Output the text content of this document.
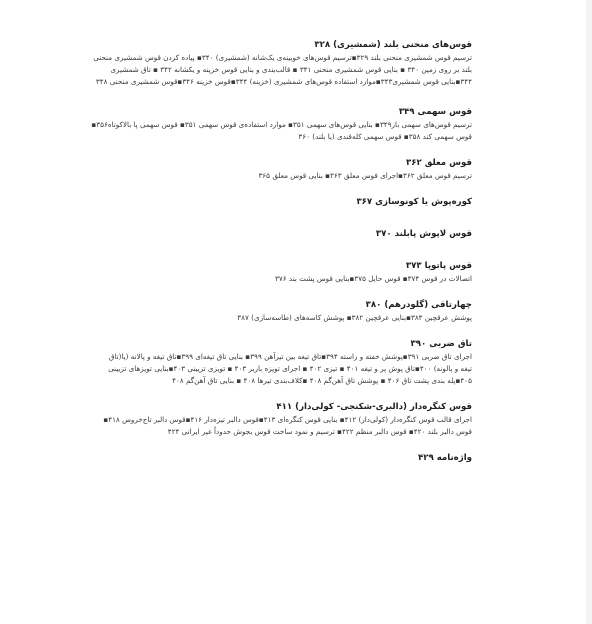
قوس‌های منحنی بلند (شمشیری) ۳۲۸
ترسیم قوس شمشیری منحنی بلند ۳۲۹▪ترسیم قوس‌های خوبینه‌ی یک‌شانه (شمشیری) ۳۴۰▪ پیاده کردن قوس شمشیری منحنی
بلند بر روی زمین ۳۴۰ ▪ بنایی قوس شمشیری منحنی ۳۴۱ ▪ قالب‌بندی و بنایی قوس خزینه و یکشانه ۳۴۲ ▪ تاق شمشیری
۳۴۴▪بنایی قوس شمشیری۳۴۳▪موارد استفاده قوس‌های شمشیری (خزینه) ۳۴۴▪قوس خزینه ۳۴۶▪قوس شمشیری منحنی ۳۴۸
قوس سهمی ۳۴۹
ترسیم قوس‌های سهمی باز۳۴۹▪ بنایی قوس‌های سهمی ۳۵۱▪ موارد استفاده‌ی قوس سهمی ۳۵۱▪ قوس سهمی پا بالاکوتاه۳۵۶▪
قوس سهمی کند ۳۵۸▪ قوس سهمی کله‌قندی (یا بلند) ۳۶۰
قوس معلق ۳۶۲
ترسیم قوس معلق ۳۶۲▪اجرای قوس معلق ۳۶۳▪ بنایی قوس معلق ۳۶۵
کوره‌پوش یا کونوسازی ۳۶۷
قوس لاپوش پابلند ۳۷۰
قوس پاتوپا ۳۷۳
اتصالات در قوس ۳۷۴▪ قوس حایل ۳۷۵▪بنایی قوس پشت بند ۳۷۶
چهارتاقی (گلودرهم) ۳۸۰
پوشش عرقچین ۳۸۴▪بنایی عرقچین ۳۸۲▪ پوشش کاسه‌های (طاسه‌سازی) ۳۸۷
تاق ضربی ۳۹۰
اجرای تاق ضربی ۳۹۱▪پوشش خفته و راسته ۳۹۴▪تاق تیغه بین تیرآهن ۳۹۹▪ بنایی تاق تیغه‌ای ۳۹۹▪تاق تیغه و پالانه‌ (یا(تاق
تیغه و پالونه) ۴۰۰▪تاق پوش پر و تیغه ۴۰۱ ▪ تیزی ۴۰۲ ▪ اجرای تویزه باربر ۴۰۳ ▪ تویزی تزیینی ۴۰۳▪بنایی تویزهای تزیینی
۴۰۵▪پله بندی پشت تاق ۴۰۶ ▪ پوشش تاق آهن‌گم ۴۰۸ ▪کلاف‌بندی تیرها ۴۰۸ ▪ بنایی تاق آهن‌گم ۴۰۸
قوس کنگره‌دار (دالبری-شکنجی- کولی‌دار) ۴۱۱
اجرای قالب قوس کنگره‌دار (کولی‌دار) ۴۱۲▪ بنایی قوس کنگره‌ای ۴۱۳▪قوس دالبر تیزه‌دار ۴۱۶▪قوس دالبر تاج‌خروس ۴۱۸▪
قوس دالبر بلند ۴۲۰▪ قوس دالبر منظم ۴۲۲▪ ترسیم و نمود ساخت قوس بجوش حدوداً غیر ایرانی ۴۲۴
واژه‌نامه ۴۲۹
